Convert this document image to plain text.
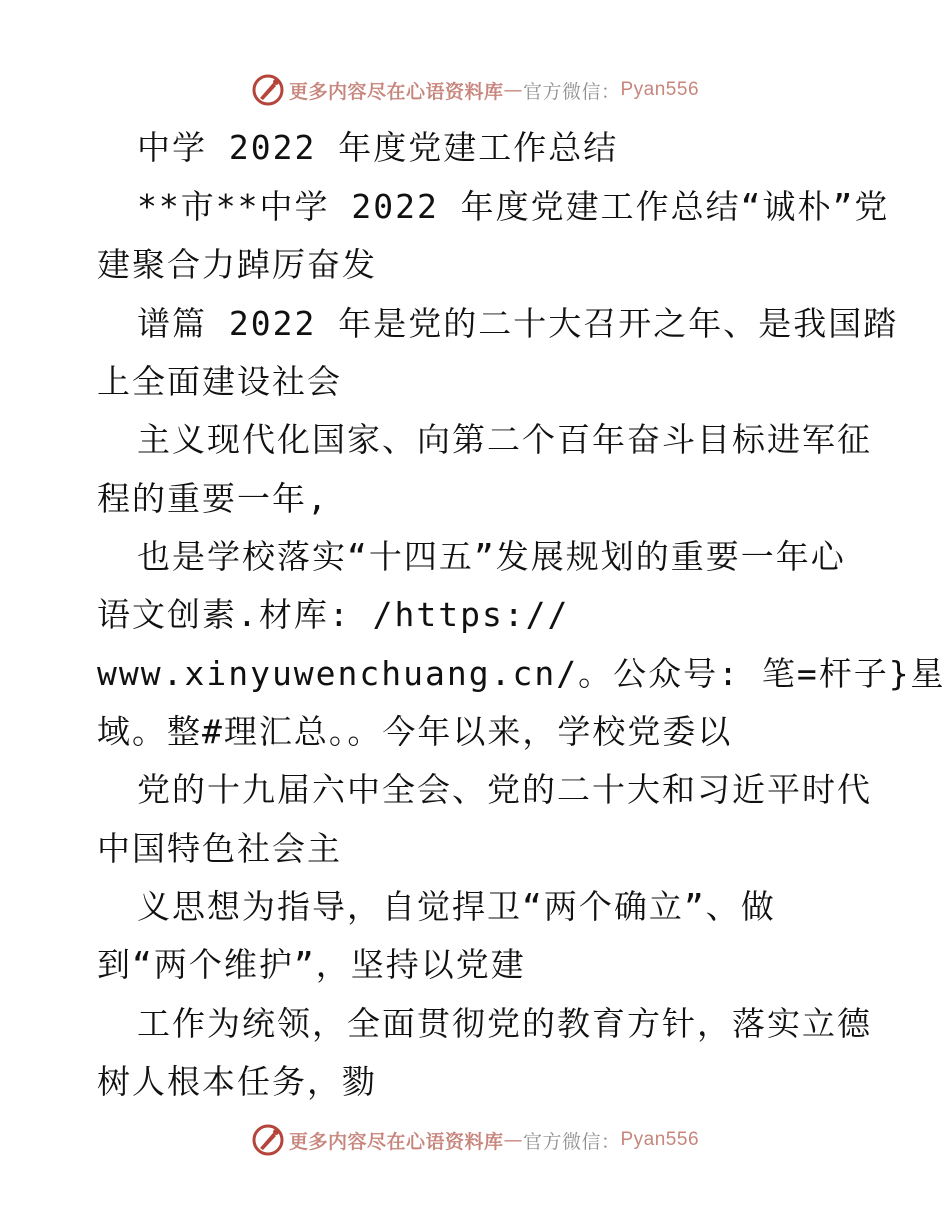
更多内容尽在心语资料库 — 官方微信： Pyan556
中学 2022 年度党建工作总结
**市**中学 2022 年度党建工作总结“诚朴”党
建聚合力踔厉奋发
谱篇 2022 年是党的二十大召开之年、是我国踏
上全面建设社会
主义现代化国家、向第二个百年奋斗目标进军征
程的重要一年,
也是学校落实“十四五”发展规划的重要一年心
语文创素.材库: /https://
www.xinyuwenchuang.cn/。公众号: 笔=杆子}星
域。整#理汇总。。今年以来，学校党委以
党的十九届六中全会、党的二十大和习近平时代
中国特色社会主
义思想为指导，自觉捍卫“两个确立”、做
到“两个维护”，坚持以党建
工作为统领，全面贯彻党的教育方针，落实立德
树人根本任务，勠
更多内容尽在心语资料库 — 官方微信： Pyan556
